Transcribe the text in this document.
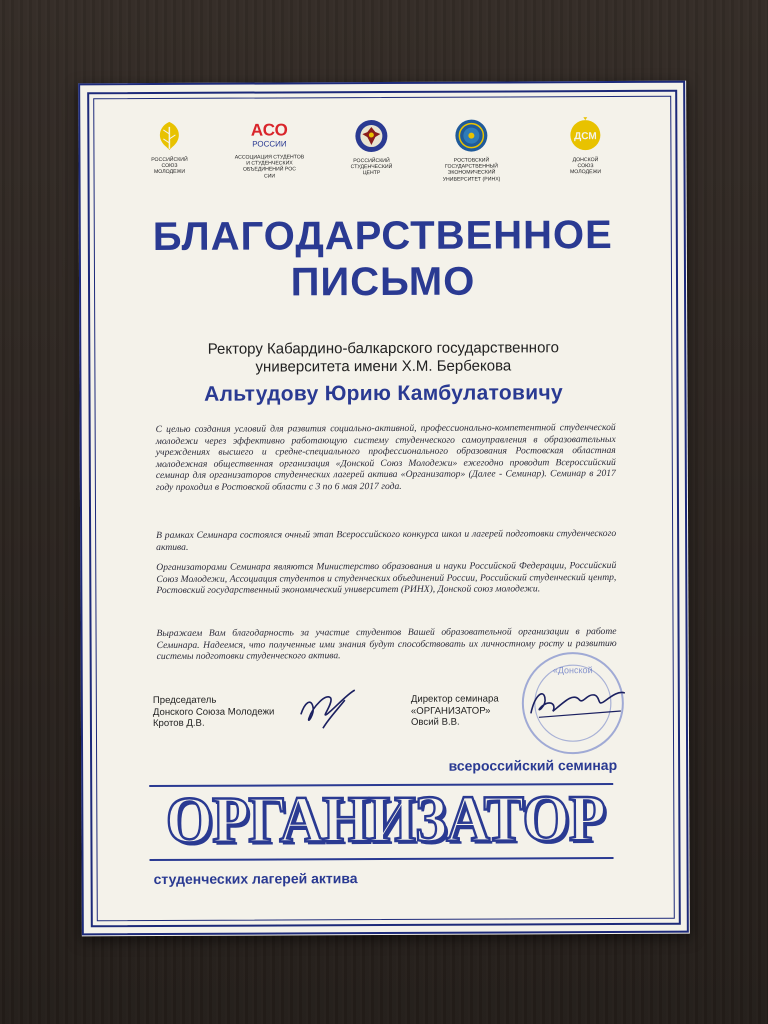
РОССИЙСКИЙ
СОЮЗ
МОЛОДЕЖИ
АСО
РОССИИ
АССОЦИАЦИЯ СТУДЕНТОВ
И СТУДЕНЧЕСКИХ
ОБЪЕДИНЕНИЙ РОС
СИИ
РОССИЙСКИЙ
СТУДЕНЧЕСКИЙ
ЦЕНТР
РОСТОВСКИЙ
ГОСУДАРСТВЕННЫЙ
ЭКОНОМИЧЕСКИЙ
УНИВЕРСИТЕТ (РИНХ)
ДСМ
ДОНСКОЙ
СОЮЗ
МОЛОДЕЖИ
БЛАГОДАРСТВЕННОЕ
ПИСЬМО
Ректору Кабардино-балкарского государственного
университета имени Х.М. Бербекова
Альтудову Юрию Камбулатовичу
С целью создания условий для развития социально-активной, профессионально-компетентной студенческой молодежи через эффективно работающую систему студенческого самоуправления в образовательных учреждениях высшего и средне-специального профессионального образования Ростовская областная молодежная общественная организация «Донской Союз Молодежи» ежегодно проводит Всероссийский семинар для организаторов студенческих лагерей актива «Организатор» (Далее - Семинар). Семинар в 2017 году проходил в Ростовской области с 3 по 6 мая 2017 года.
В рамках Семинара состоялся очный этап Всероссийского конкурса школ и лагерей подготовки студенческого актива.
Организаторами Семинара являются Министерство образования и науки Российской Федерации, Российский Союз Молодежи, Ассоциация студентов и студенческих объединений России, Российский студенческий центр, Ростовский государственный экономический университет (РИНХ), Донской союз молодежи.
Выражаем Вам благодарность за участие студентов Вашей образовательной организации в работе Семинара. Надеемся, что полученные ими знания будут способствовать их личностному росту и развитию системы подготовки студенческого актива.
Председатель
Донского Союза Молодежи
Кротов Д.В.
«Донской
Директор семинара
«ОРГАНИЗАТОР»
Овсий В.В.
всероссийский семинар
ОРГАНИЗАТОР
студенческих лагерей актива
